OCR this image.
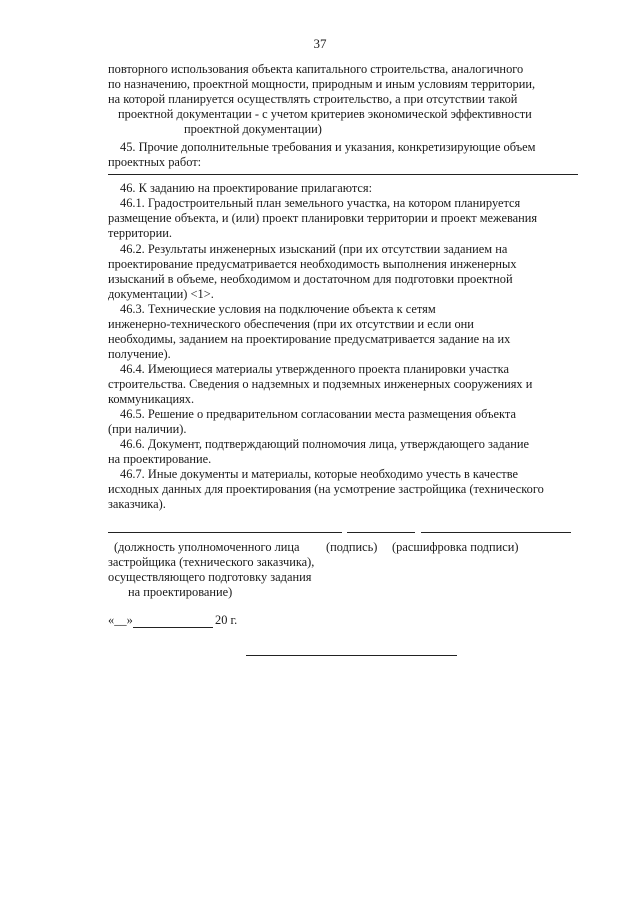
37
повторного использования объекта капитального строительства, аналогичного
по назначению, проектной мощности, природным и иным условиям территории,
на которой планируется осуществлять строительство, а при отсутствии такой
проектной документации - с учетом критериев экономической эффективности
проектной документации)
45. Прочие дополнительные требования и указания, конкретизирующие объем
проектных работ:
46. К заданию на проектирование прилагаются:
46.1. Градостроительный план земельного участка, на котором планируется
размещение объекта, и (или) проект планировки территории и проект межевания
территории.
46.2. Результаты инженерных изысканий (при их отсутствии заданием на
проектирование предусматривается необходимость выполнения инженерных
изысканий в объеме, необходимом и достаточном для подготовки проектной
документации) <1>.
46.3. Технические условия на подключение объекта к сетям
инженерно-технического обеспечения (при их отсутствии и если они
необходимы, заданием на проектирование предусматривается задание на их
получение).
46.4. Имеющиеся материалы утвержденного проекта планировки участка
строительства. Сведения о надземных и подземных инженерных сооружениях и
коммуникациях.
46.5. Решение о предварительном согласовании места размещения объекта
(при наличии).
46.6. Документ, подтверждающий полномочия лица, утверждающего задание
на проектирование.
46.7. Иные документы и материалы, которые необходимо учесть в качестве
исходных данных для проектирования (на усмотрение застройщика (технического
заказчика).
(должность уполномоченного лица (подпись) (расшифровка подписи)
застройщика (технического заказчика),
осуществляющего подготовку задания
на проектирование)
«__»	20 г.
